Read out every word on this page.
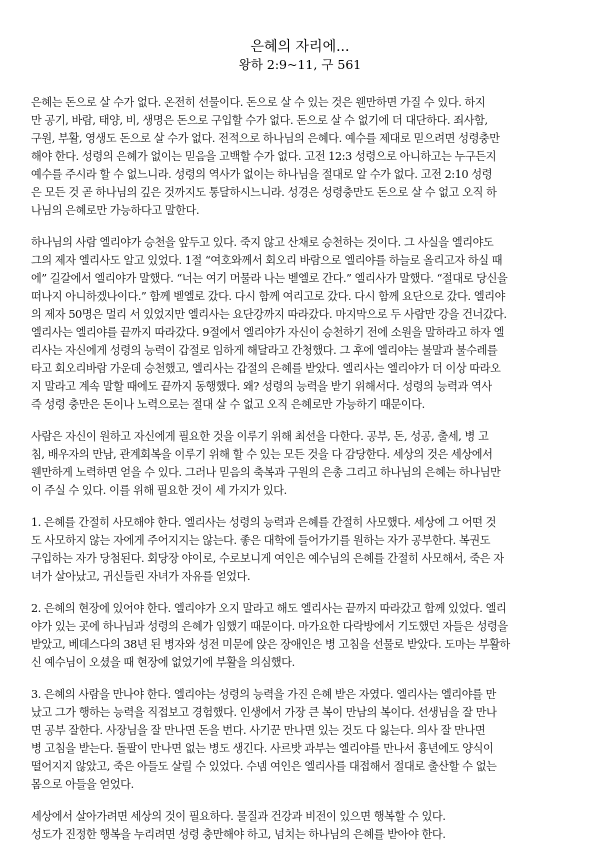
은혜의 자리에...
왕하 2:9~11, 구 561
은혜는 돈으로 살 수가 없다. 온전히 선물이다. 돈으로 살 수 있는 것은 웬만하면 가질 수 있다. 하지
만 공기, 바람, 태양, 비, 생명은 돈으로 구입할 수가 없다. 돈으로 살 수 없기에 더 대단하다. 죄사함,
구원, 부활, 영생도 돈으로 살 수가 없다. 전적으로 하나님의 은혜다. 예수를 제대로 믿으려면 성령충만
해야 한다. 성령의 은혜가 없이는 믿음을 고백할 수가 없다. 고전 12:3 성령으로 아니하고는 누구든지
예수를 주시라 할 수 없느니라. 성령의 역사가 없이는 하나님을 절대로 알 수가 없다. 고전 2:10 성령
은 모든 것 곧 하나님의 깊은 것까지도 통달하시느니라. 성경은 성령충만도 돈으로 살 수 없고 오직 하
나님의 은혜로만 가능하다고 말한다.
하나님의 사람 엘리야가 승천을 앞두고 있다. 죽지 않고 산채로 승천하는 것이다. 그 사실을 엘리야도
그의 제자 엘리사도 알고 있었다. 1절 “여호와께서 회오리 바람으로 엘리야를 하늘로 올리고자 하실 때
에” 길갈에서 엘리야가 말했다. “너는 여기 머물라 나는 벧엘로 간다.” 엘리사가 말했다. “절대로 당신을
떠나지 아니하겠나이다.” 함께 벧엘로 갔다. 다시 함께 여리고로 갔다. 다시 함께 요단으로 갔다. 엘리야
의 제자 50명은 멀리 서 있었지만 엘리사는 요단강까지 따라갔다. 마지막으로 두 사람만 강을 건너갔다.
엘리사는 엘리야를 끝까지 따라갔다. 9절에서 엘리야가 자신이 승천하기 전에 소원을 말하라고 하자 엘
리사는 자신에게 성령의 능력이 갑절로 임하게 해달라고 간청했다. 그 후에 엘리야는 불말과 불수레를
타고 회오리바람 가운데 승천했고, 엘리사는 갑절의 은혜를 받았다. 엘리사는 엘리야가 더 이상 따라오
지 말라고 계속 말할 때에도 끝까지 동행했다. 왜? 성령의 능력을 받기 위해서다. 성령의 능력과 역사
즉 성령 충만은 돈이나 노력으로는 절대 살 수 없고 오직 은혜로만 가능하기 때문이다.
사람은 자신이 원하고 자신에게 필요한 것을 이루기 위해 최선을 다한다. 공부, 돈, 성공, 출세, 병 고
침, 배우자의 만남, 관계회복을 이루기 위해 할 수 있는 모든 것을 다 감당한다. 세상의 것은 세상에서
웬만하게 노력하면 얻을 수 있다. 그러나 믿음의 축복과 구원의 은총 그리고 하나님의 은혜는 하나님만
이 주실 수 있다. 이를 위해 필요한 것이 세 가지가 있다.
1. 은혜를 간절히 사모해야 한다. 엘리사는 성령의 능력과 은혜를 간절히 사모했다. 세상에 그 어떤 것
도 사모하지 않는 자에게 주어지지는 않는다. 좋은 대학에 들어가기를 원하는 자가 공부한다. 복권도
구입하는 자가 당첨된다. 회당장 야이로, 수로보니게 여인은 예수님의 은혜를 간절히 사모해서, 죽은 자
녀가 살아났고, 귀신들린 자녀가 자유를 얻었다.
2. 은혜의 현장에 있어야 한다. 엘리야가 오지 말라고 해도 엘리사는 끝까지 따라갔고 함께 있었다. 엘리
야가 있는 곳에 하나님과 성령의 은혜가 임했기 때문이다. 마가요한 다락방에서 기도했던 자들은 성령을
받았고, 베데스다의 38년 된 병자와 성전 미문에 앉은 장애인은 병 고침을 선물로 받았다. 도마는 부활하
신 예수님이 오셨을 때 현장에 없었기에 부활을 의심했다.
3. 은혜의 사람을 만나야 한다. 엘리야는 성령의 능력을 가진 은혜 받은 자였다. 엘리사는 엘리야를 만
났고 그가 행하는 능력을 직접보고 경험했다. 인생에서 가장 큰 복이 만남의 복이다. 선생님을 잘 만나
면 공부 잘한다. 사장님을 잘 만나면 돈을 번다. 사기꾼 만나면 있는 것도 다 잃는다. 의사 잘 만나면
병 고침을 받는다. 돌팔이 만나면 없는 병도 생긴다. 사르밧 과부는 엘리야를 만나서 흉년에도 양식이
떨어지지 않았고, 죽은 아들도 살릴 수 있었다. 수넴 여인은 엘리사를 대접해서 절대로 출산할 수 없는
몸으로 아들을 얻었다.
세상에서 살아가려면 세상의 것이 필요하다. 물질과 건강과 비전이 있으면 행복할 수 있다.
성도가 진정한 행복을 누리려면 성령 충만해야 하고, 넘치는 하나님의 은혜를 받아야 한다.
